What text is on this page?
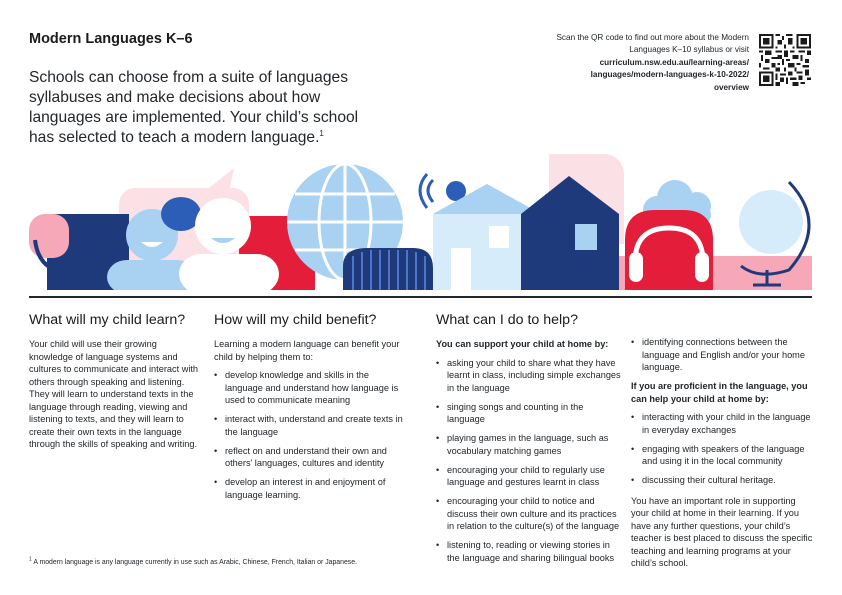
Modern Languages K–6
Schools can choose from a suite of languages syllabuses and make decisions about how languages are implemented. Your child’s school has selected to teach a modern language.$^1$
Scan the QR code to find out more about the Modern Languages K–10 syllabus or visit
curriculum.nsw.edu.au/learning-areas/
languages/modern-languages-k-10-2022/
overview
What will my child learn?

Your child will use their growing knowledge of language systems and cultures to communicate and interact with others through speaking and listening. They will learn to understand texts in the language through reading, viewing and listening to texts, and they will learn to create their own texts in the language through the skills of speaking and writing.

How will my child benefit?

Learning a modern language can benefit your child by helping them to:

• develop knowledge and skills in the language and understand how language is used to communicate meaning
• interact with, understand and create texts in the language
• reflect on and understand their own and others’ languages, cultures and identity
• develop an interest in and enjoyment of language learning.
What can I do to help?

You can support your child at home by:

• asking your child to share what they have learnt in class, including simple exchanges in the language
• singing songs and counting in the language
• playing games in the language, such as vocabulary matching games
• encouraging your child to regularly use language and gestures learnt in class
• encouraging your child to notice and discuss their own culture and its practices in relation to the culture(s) of the language
• listening to, reading or viewing stories in the language and sharing bilingual books
• identifying connections between the language and English and/or your home language.

If you are proficient in the language, you can help your child at home by:

• interacting with your child in the language in everyday exchanges
• engaging with speakers of the language and using it in the local community
• discussing their cultural heritage.

You have an important role in supporting your child at home in their learning. If you have any further questions, your child’s teacher is best placed to discuss the specific teaching and learning programs at your child’s school.

$^1$ A modern language is any language currently in use such as Arabic, Chinese, French, Italian or Japanese.
